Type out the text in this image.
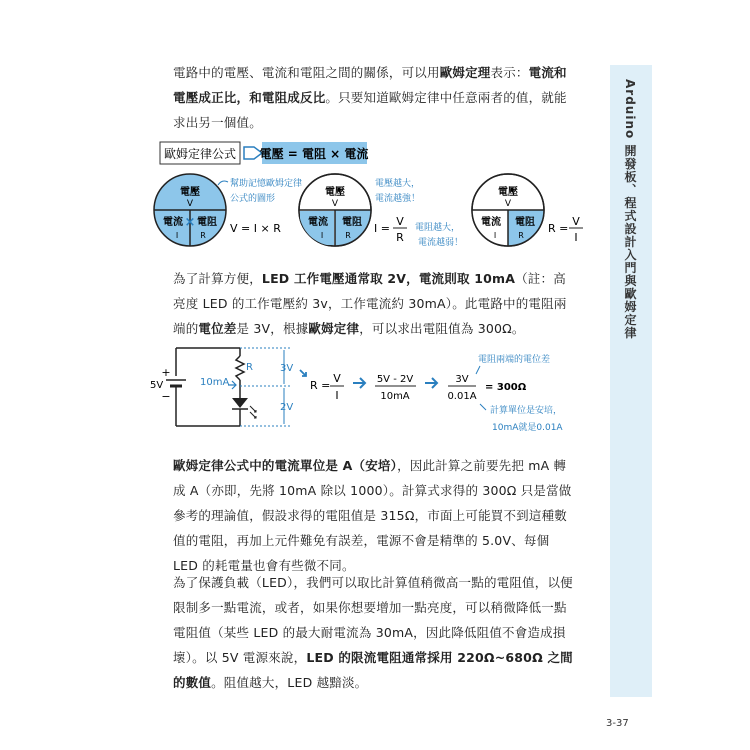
電路中的電壓、電流和電阻之間的關係，可以用歐姆定理表示：電流和電壓成正比，和電阻成反比。只要知道歐姆定律中任意兩者的值，就能求出另一個值。
歐姆定律公式 電壓 = 電阻 × 電流
電壓
V
電流 電阻
I	R
×	V = I × R
幫助記憶歐姆定律
公式的圖形
電壓
V
電流 電阻
I	R
I =
V
R
電壓越大，
電流越強！
電阻越大，
電流越弱！
電壓
V
電流 電阻
I	R
R =
V
I
為了計算方便，LED 工作電壓通常取 2V，電流則取 10mA（註：高亮度 LED 的工作電壓約 3v，工作電流約 30mA）。此電路中的電阻兩端的電位差是 3V，根據歐姆定律，可以求出電阻值為 300Ω。
+
−
5V	10mA
R	3V
2V
R =
V
I
5V - 2V
10mA
3V
0.01A
= 300Ω
電阻兩端的電位差
計算單位是安培，
10mA就是0.01A
歐姆定律公式中的電流單位是 A（安培），因此計算之前要先把 mA 轉成 A（亦即，先將 10mA 除以 1000）。計算式求得的 300Ω 只是當做參考的理論值，假設求得的電阻值是 315Ω，市面上可能買不到這種數值的電阻，再加上元件難免有誤差，電源不會是精準的 5.0V、每個 LED 的耗電量也會有些微不同。
為了保護負載（LED），我們可以取比計算值稍微高一點的電阻值，以便限制多一點電流，或者，如果你想要增加一點亮度，可以稍微降低一點電阻值（某些 LED 的最大耐電流為 30mA，因此降低阻值不會造成損壞）。以 5V 電源來說，LED 的限流電阻通常採用 220Ω~680Ω 之間的數值。阻值越大，LED 越黯淡。
Arduino 開發板、程式設計入門與歐姆定律
3-37
